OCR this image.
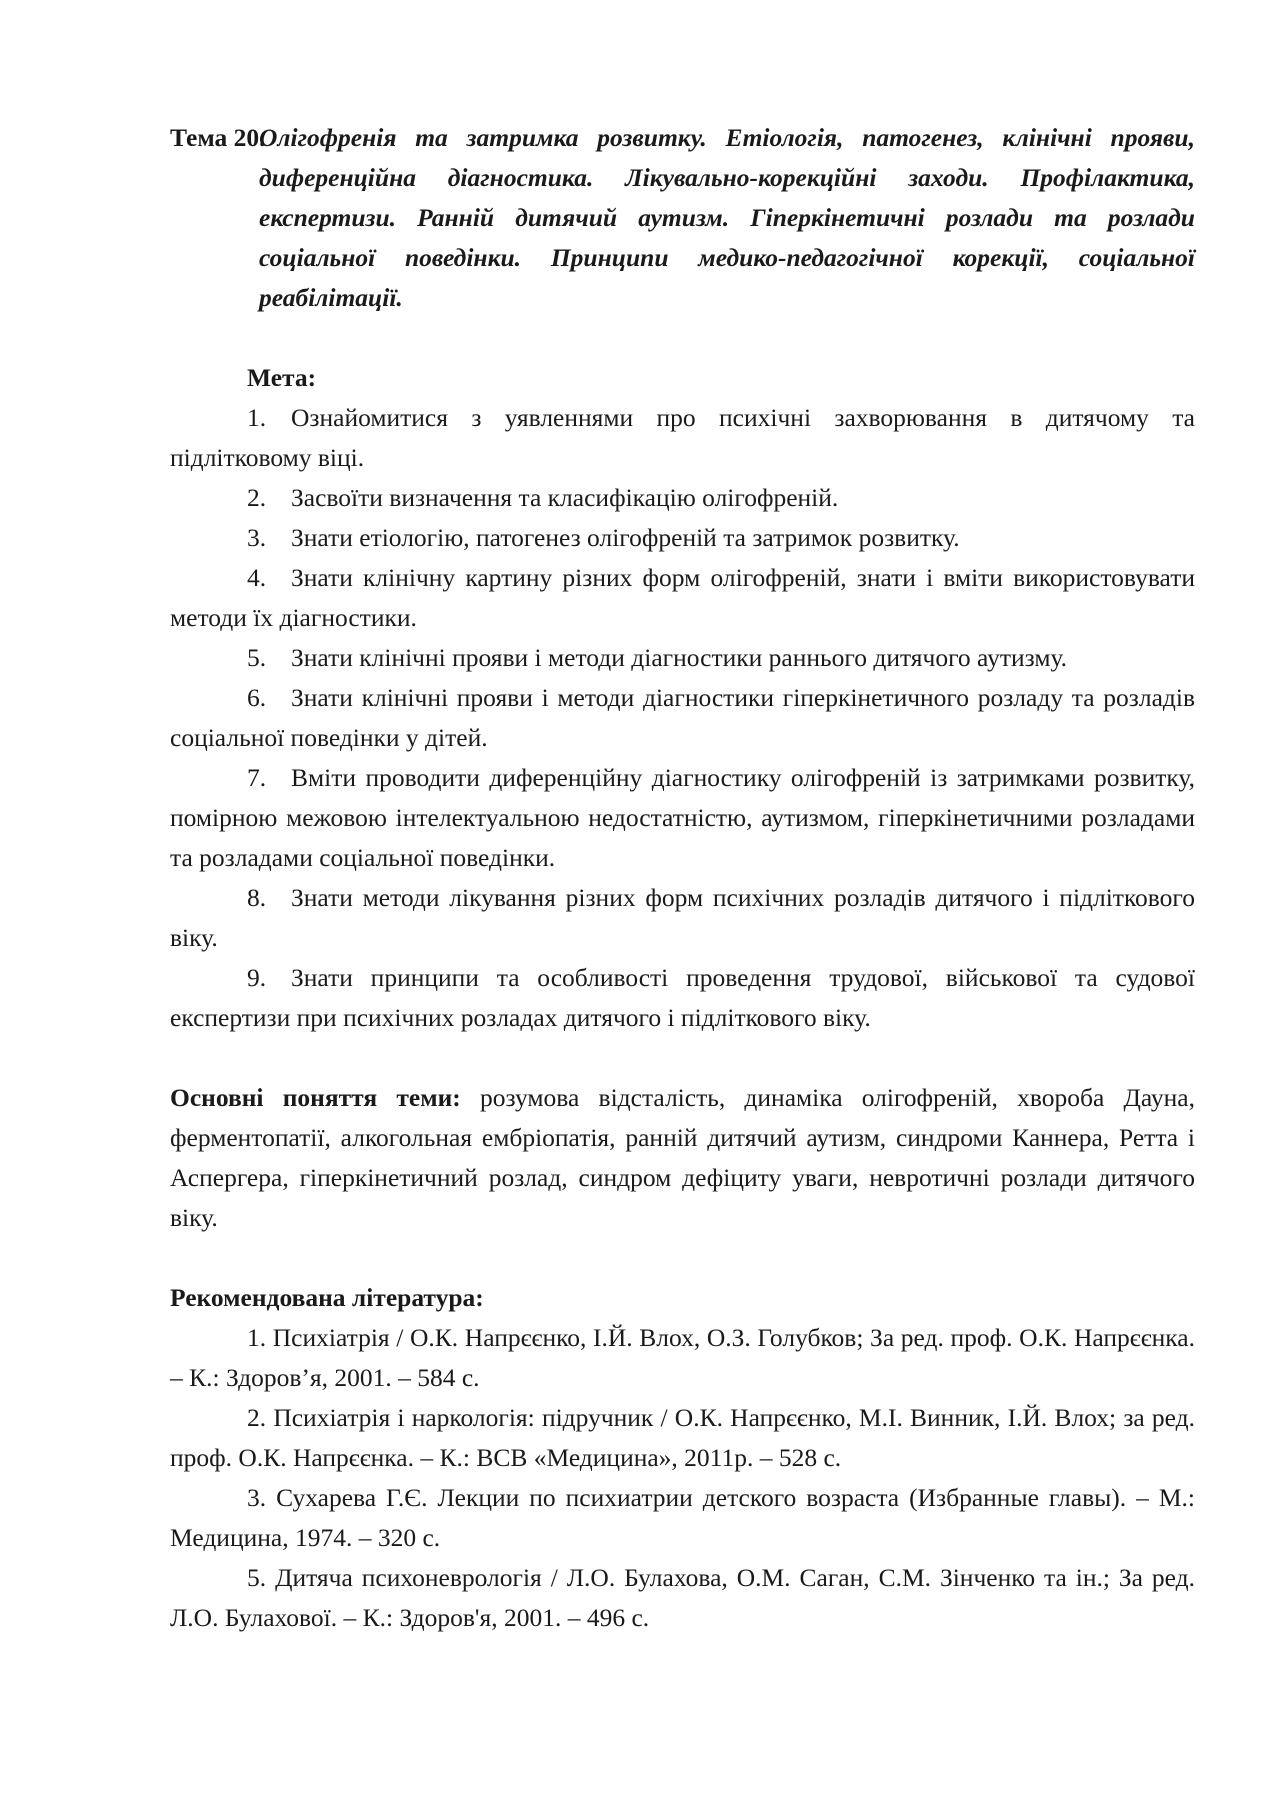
Тема 20.
Олігофренія та затримка розвитку. Етіологія, патогенез, клінічні прояви, диференційна діагностика. Лікувально-корекційні заходи. Профілактика, експертизи. Ранній дитячий аутизм. Гіперкінетичні розлади та розлади соціальної поведінки. Принципи медико-педагогічної корекції, соціальної реабілітації.
Мета:
1. Ознайомитися з уявленнями про психічні захворювання в дитячому та підлітковому віці.
2. Засвоїти визначення та класифікацію олігофреній.
3. Знати етіологію, патогенез олігофреній та затримок розвитку.
4. Знати клінічну картину різних форм олігофреній, знати і вміти використовувати методи їх діагностики.
5. Знати клінічні прояви і методи діагностики раннього дитячого аутизму.
6. Знати клінічні прояви і методи діагностики гіперкінетичного розладу та розладів соціальної поведінки у дітей.
7. Вміти проводити диференційну діагностику олігофреній із затримками розвитку, помірною межовою інтелектуальною недостатністю, аутизмом, гіперкінетичними розладами та розладами соціальної поведінки.
8. Знати методи лікування різних форм психічних розладів дитячого і підліткового віку.
9. Знати принципи та особливості проведення трудової, військової та судової експертизи при психічних розладах дитячого і підліткового віку.
Основні поняття теми: розумова відсталість, динаміка олігофреній, хвороба Дауна, ферментопатії, алкогольная ембріопатія, ранній дитячий аутизм, синдроми Каннера, Ретта і Аспергера, гіперкінетичний розлад, синдром дефіциту уваги, невротичні розлади дитячого віку.
Рекомендована література:
1. Психіатрія / О.К. Напрєєнко, І.Й. Влох, О.З. Голубков; За ред. проф. О.К. Напрєєнка. – К.: Здоров’я, 2001. – 584 с.
2. Психіатрія і наркологія: підручник / О.К. Напрєєнко, М.І. Винник, І.Й. Влох; за ред. проф. О.К. Напрєєнка. – К.: ВСВ «Медицина», 2011р. – 528 с.
3. Сухарева Г.Є. Лекции по психиатрии детского возраста (Избранные главы). – М.: Медицина, 1974. – 320 с.
5. Дитяча психоневрологія / Л.О. Булахова, О.М. Саган, С.М. Зінченко та ін.; За ред. Л.О. Булахової. – К.: Здоров'я, 2001. – 496 с.
